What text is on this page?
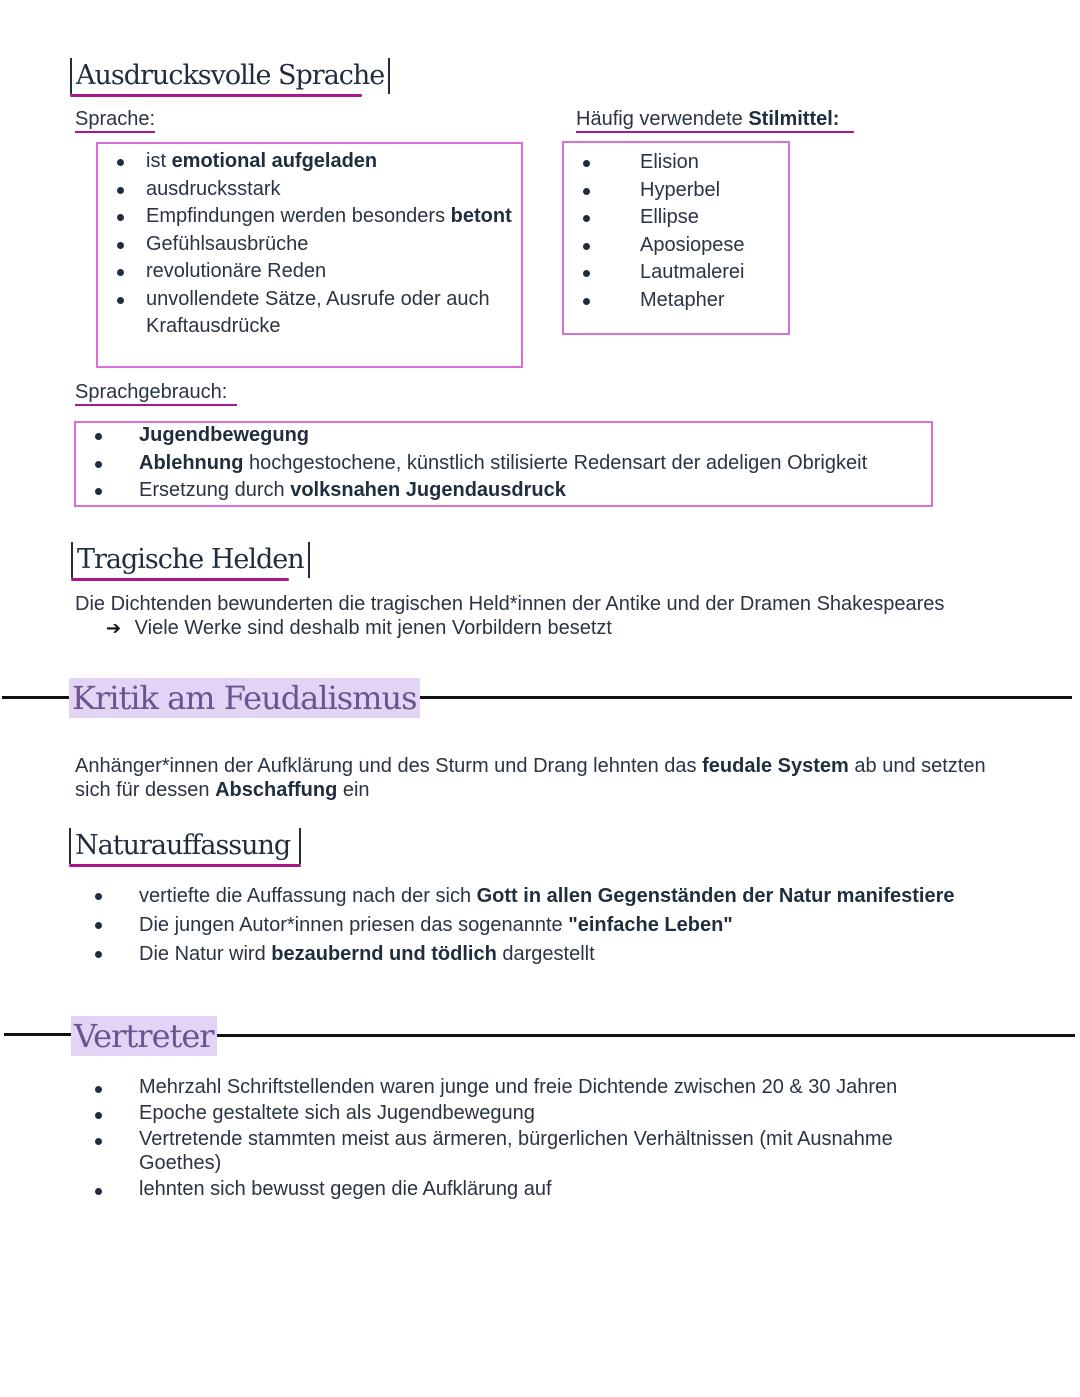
Ausdrucksvolle Sprache
Sprache:
ist emotional aufgeladen
ausdrucksstark
Empfindungen werden besonders betont
Gefühlsausbrüche
revolutionäre Reden
unvollendete Sätze, Ausrufe oder auch Kraftausdrücke
Häufig verwendete Stilmittel:
Elision
Hyperbel
Ellipse
Aposiopese
Lautmalerei
Metapher
Sprachgebrauch:
Jugendbewegung
Ablehnung hochgestochene, künstlich stilisierte Redensart der adeligen Obrigkeit
Ersetzung durch volksnahen Jugendausdruck
Tragische Helden
Die Dichtenden bewunderten die tragischen Held*innen der Antike und der Dramen Shakespeares
➔ Viele Werke sind deshalb mit jenen Vorbildern besetzt
Kritik am Feudalismus
Anhänger*innen der Aufklärung und des Sturm und Drang lehnten das feudale System ab und setzten sich für dessen Abschaffung ein
Naturauffassung
vertiefte die Auffassung nach der sich Gott in allen Gegenständen der Natur manifestiere
Die jungen Autor*innen priesen das sogenannte "einfache Leben"
Die Natur wird bezaubernd und tödlich dargestellt
Vertreter
Mehrzahl Schriftstellenden waren junge und freie Dichtende zwischen 20 & 30 Jahren
Epoche gestaltete sich als Jugendbewegung
Vertretende stammten meist aus ärmeren, bürgerlichen Verhältnissen (mit Ausnahme Goethes)
lehnten sich bewusst gegen die Aufklärung auf
